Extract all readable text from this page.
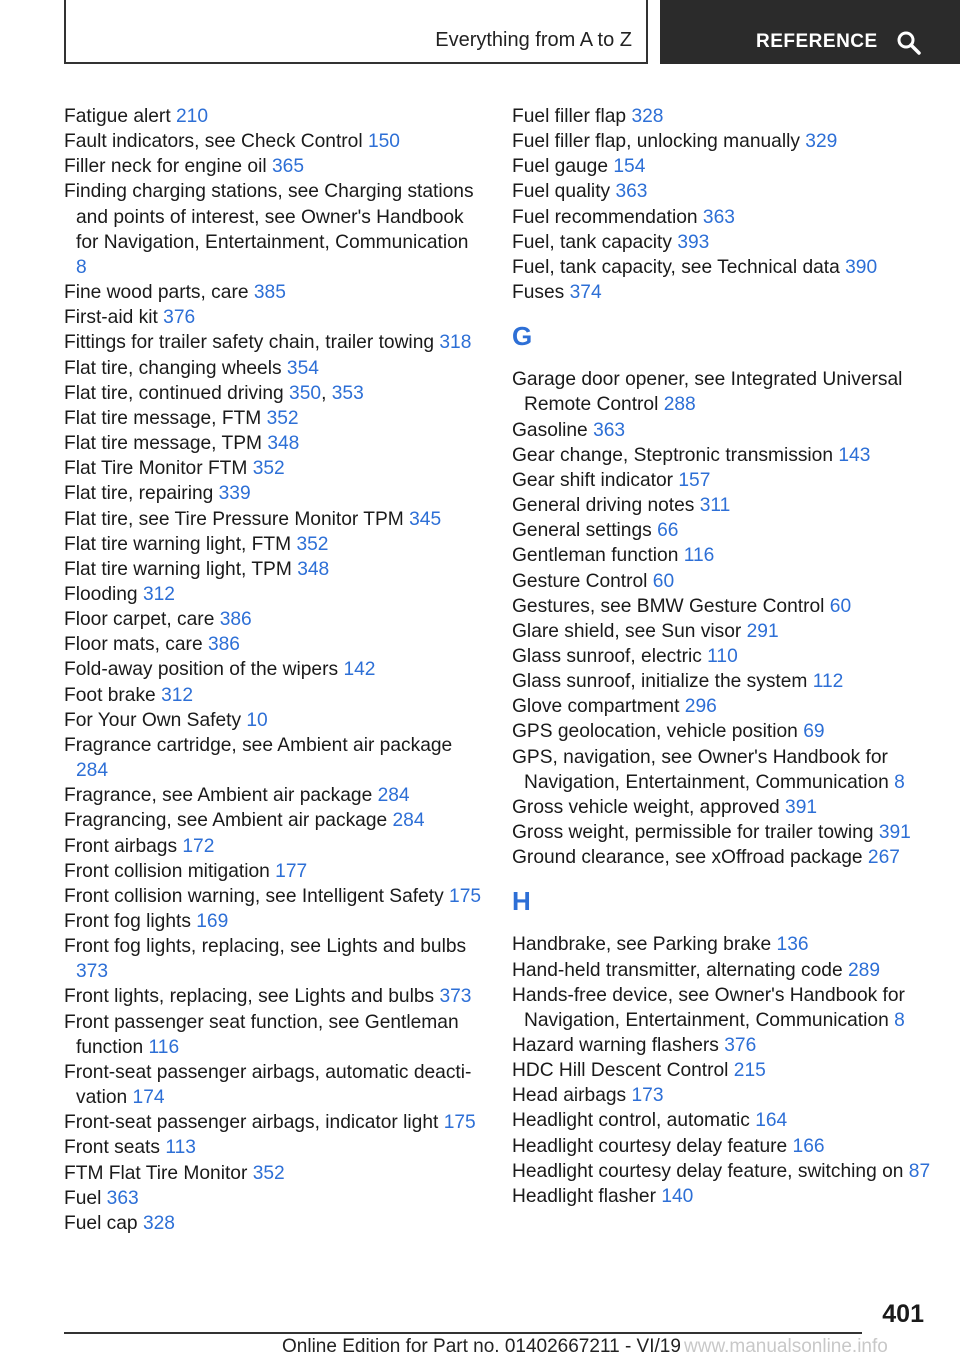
Everything from A to Z	REFERENCE

Fatigue alert 210

Fault indicators, see Check Control 150

Filler neck for engine oil 365

Finding charging stations, see Charging stations and points of interest, see Owner's Handbook for Navigation, Entertainment, Communication 8

Fine wood parts, care 385

First-aid kit 376

Fittings for trailer safety chain, trailer towing 318

Flat tire, changing wheels 354

Flat tire, continued driving 350, 353

Flat tire message, FTM 352

Flat tire message, TPM 348

Flat Tire Monitor FTM 352

Flat tire, repairing 339

Flat tire, see Tire Pressure Monitor TPM 345

Flat tire warning light, FTM 352

Flat tire warning light, TPM 348

Flooding 312

Floor carpet, care 386

Floor mats, care 386

Fold-away position of the wipers 142

Foot brake 312

For Your Own Safety 10

Fragrance cartridge, see Ambient air package 284

Fragrance, see Ambient air package 284

Fragrancing, see Ambient air package 284

Front airbags 172

Front collision mitigation 177

Front collision warning, see Intelligent Safety 175

Front fog lights 169

Front fog lights, replacing, see Lights and bulbs 373

Front lights, replacing, see Lights and bulbs 373

Front passenger seat function, see Gentleman function 116

Front-seat passenger airbags, automatic deactivation 174

Front-seat passenger airbags, indicator light 175

Front seats 113

FTM Flat Tire Monitor 352

Fuel 363

Fuel cap 328

Fuel filler flap 328

Fuel filler flap, unlocking manually 329

Fuel gauge 154

Fuel quality 363

Fuel recommendation 363

Fuel, tank capacity 393

Fuel, tank capacity, see Technical data 390

Fuses 374

G

Garage door opener, see Integrated Universal Remote Control 288

Gasoline 363

Gear change, Steptronic transmission 143

Gear shift indicator 157

General driving notes 311

General settings 66

Gentleman function 116

Gesture Control 60

Gestures, see BMW Gesture Control 60

Glare shield, see Sun visor 291

Glass sunroof, electric 110

Glass sunroof, initialize the system 112

Glove compartment 296

GPS geolocation, vehicle position 69

GPS, navigation, see Owner's Handbook for Navigation, Entertainment, Communication 8

Gross vehicle weight, approved 391

Gross weight, permissible for trailer towing 391

Ground clearance, see xOffroad package 267

H

Handbrake, see Parking brake 136

Hand-held transmitter, alternating code 289

Hands-free device, see Owner's Handbook for Navigation, Entertainment, Communication 8

Hazard warning flashers 376

HDC Hill Descent Control 215

Head airbags 173

Headlight control, automatic 164

Headlight courtesy delay feature 166

Headlight courtesy delay feature, switching on 87

Headlight flasher 140

401
Online Edition for Part no. 01402667211 - VI/19 www.manualsonline.info
